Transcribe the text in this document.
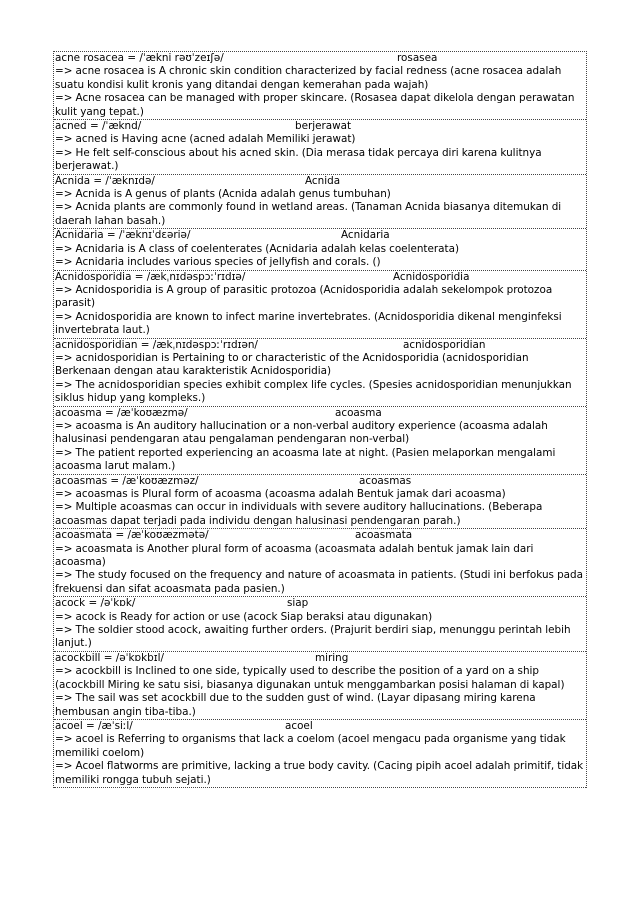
acne rosacea = /ˈækni rəʊˈzeɪʃə/	rosasea
=> acne rosacea is A chronic skin condition characterized by facial redness (acne rosacea adalah suatu kondisi kulit kronis yang ditandai dengan kemerahan pada wajah)
=> Acne rosacea can be managed with proper skincare. (Rosasea dapat dikelola dengan perawatan kulit yang tepat.)
acned = /ˈæknd/	berjerawat
=> acned is Having acne (acned adalah Memiliki jerawat)
=> He felt self-conscious about his acned skin. (Dia merasa tidak percaya diri karena kulitnya berjerawat.)
Acnida = /ˈæknɪdə/	Acnida
=> Acnida is A genus of plants (Acnida adalah genus tumbuhan)
=> Acnida plants are commonly found in wetland areas. (Tanaman Acnida biasanya ditemukan di daerah lahan basah.)
Acnidaria = /ˈæknɪˈdɛəriə/	Acnidaria
=> Acnidaria is A class of coelenterates (Acnidaria adalah kelas coelenterata)
=> Acnidaria includes various species of jellyfish and corals. ()
Acnidosporidia = /ækˌnɪdəspɔːˈrɪdɪə/	Acnidosporidia
=> Acnidosporidia is A group of parasitic protozoa (Acnidosporidia adalah sekelompok protozoa parasit)
=> Acnidosporidia are known to infect marine invertebrates. (Acnidosporidia dikenal menginfeksi invertebrata laut.)
acnidosporidian = /ækˌnɪdəspɔːˈrɪdɪən/	acnidosporidian
=> acnidosporidian is Pertaining to or characteristic of the Acnidosporidia (acnidosporidian Berkenaan dengan atau karakteristik Acnidosporidia)
=> The acnidosporidian species exhibit complex life cycles. (Spesies acnidosporidian menunjukkan siklus hidup yang kompleks.)
acoasma = /æˈkoʊæzmə/	acoasma
=> acoasma is An auditory hallucination or a non-verbal auditory experience (acoasma adalah halusinasi pendengaran atau pengalaman pendengaran non-verbal)
=> The patient reported experiencing an acoasma late at night. (Pasien melaporkan mengalami acoasma larut malam.)
acoasmas = /æˈkoʊæzməz/	acoasmas
=> acoasmas is Plural form of acoasma (acoasma adalah Bentuk jamak dari acoasma)
=> Multiple acoasmas can occur in individuals with severe auditory hallucinations. (Beberapa acoasmas dapat terjadi pada individu dengan halusinasi pendengaran parah.)
acoasmata = /æˈkoʊæzmətə/	acoasmata
=> acoasmata is Another plural form of acoasma (acoasmata adalah bentuk jamak lain dari acoasma)
=> The study focused on the frequency and nature of acoasmata in patients. (Studi ini berfokus pada frekuensi dan sifat acoasmata pada pasien.)
acock = /əˈkɒk/	siap
=> acock is Ready for action or use (acock Siap beraksi atau digunakan)
=> The soldier stood acock, awaiting further orders. (Prajurit berdiri siap, menunggu perintah lebih lanjut.)
acockbill = /əˈkɒkbɪl/	miring
=> acockbill is Inclined to one side, typically used to describe the position of a yard on a ship (acockbill Miring ke satu sisi, biasanya digunakan untuk menggambarkan posisi halaman di kapal)
=> The sail was set acockbill due to the sudden gust of wind. (Layar dipasang miring karena hembusan angin tiba-tiba.)
acoel = /æˈsiːl/	acoel
=> acoel is Referring to organisms that lack a coelom (acoel mengacu pada organisme yang tidak memiliki coelom)
=> Acoel flatworms are primitive, lacking a true body cavity. (Cacing pipih acoel adalah primitif, tidak memiliki rongga tubuh sejati.)
